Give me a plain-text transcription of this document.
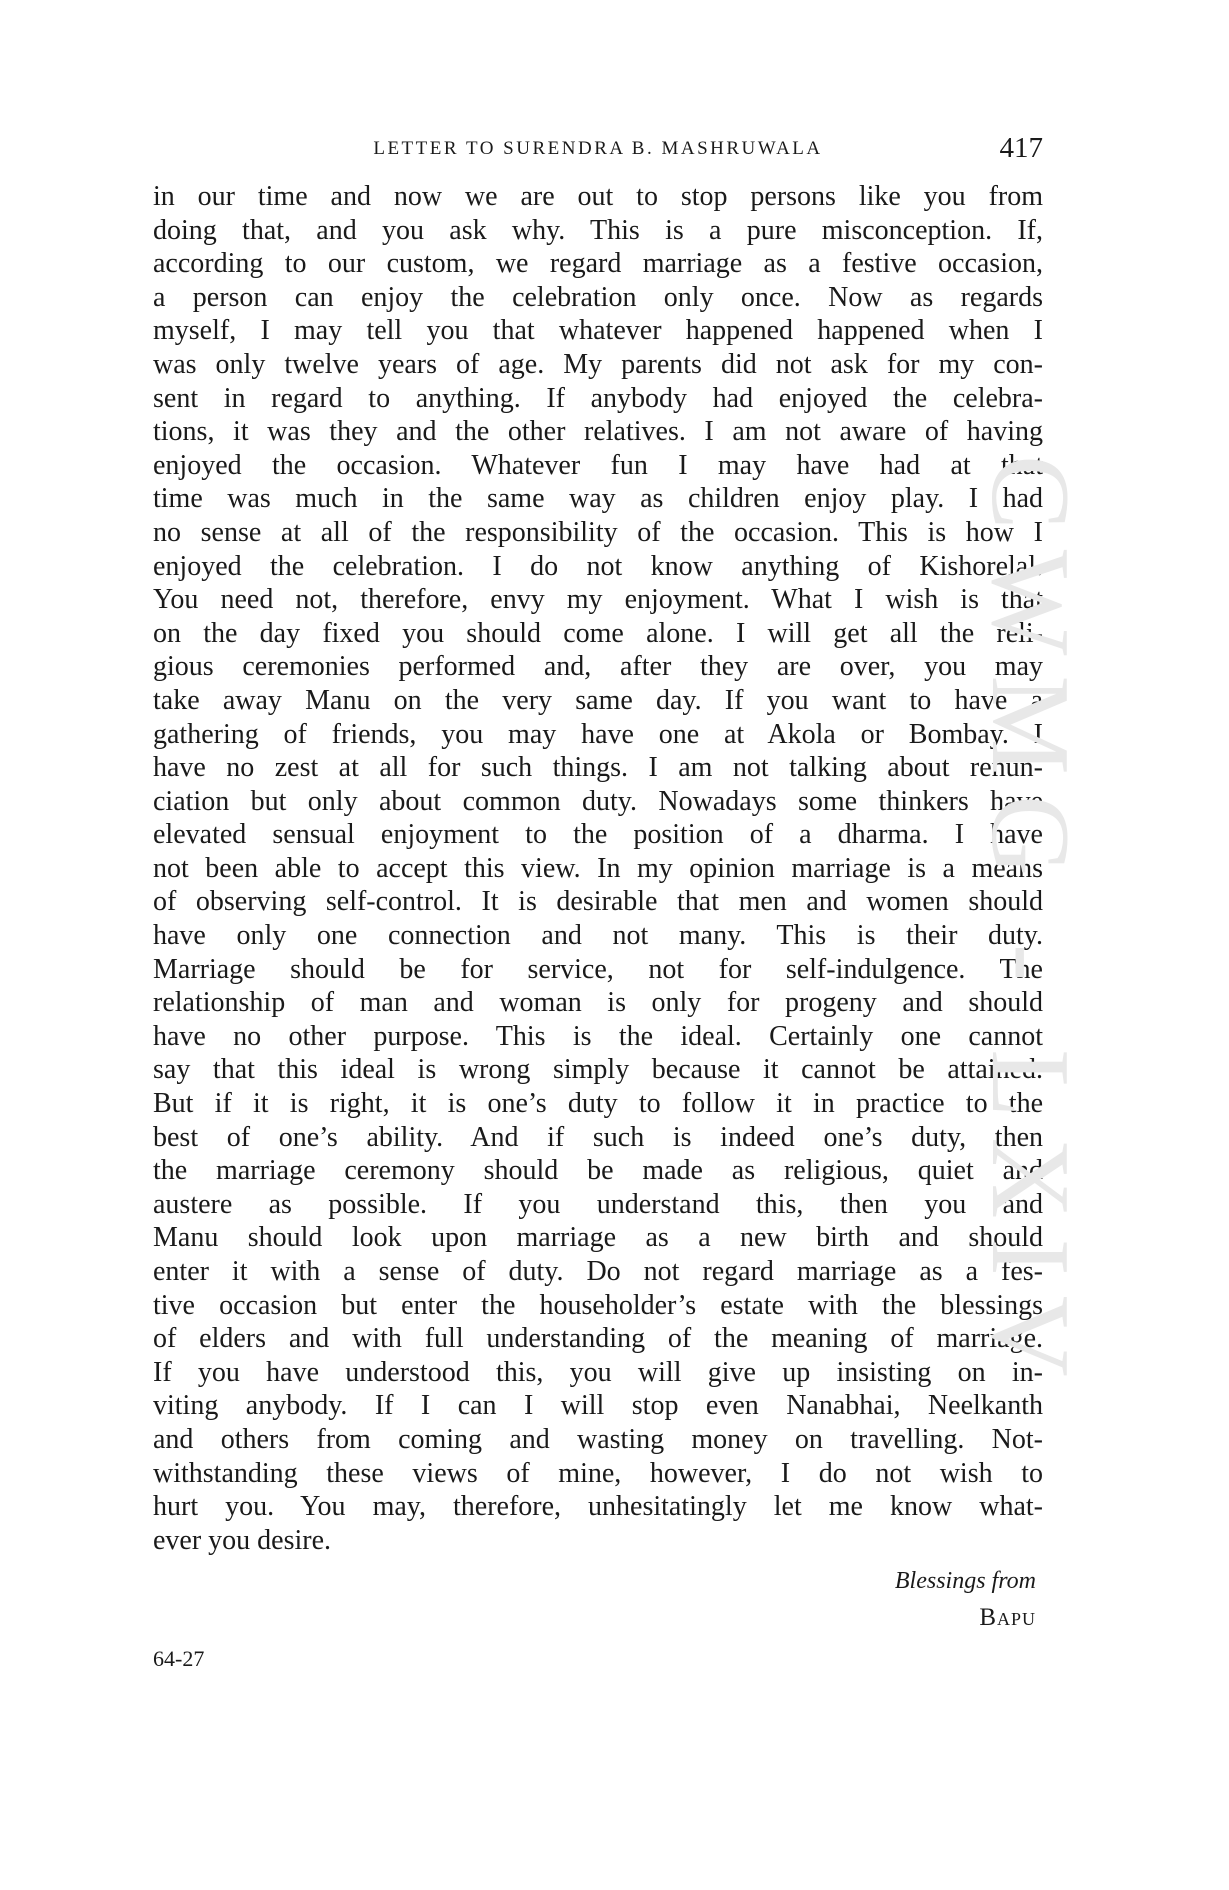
LETTER TO SURENDRA B. MASHRUWALA	417
in our time and now we are out to stop persons like you from
doing that, and you ask why. This is a pure misconception. If,
according to our custom, we regard marriage as a festive occasion,
a person can enjoy the celebration only once. Now as regards
myself, I may tell you that whatever happened happened when I
was only twelve years of age. My parents did not ask for my con-
sent in regard to anything. If anybody had enjoyed the celebra-
tions, it was they and the other relatives. I am not aware of having
enjoyed the occasion. Whatever fun I may have had at that
time was much in the same way as children enjoy play. I had
no sense at all of the responsibility of the occasion. This is how I
enjoyed the celebration. I do not know anything of Kishorelal.
You need not, therefore, envy my enjoyment. What I wish is that
on the day fixed you should come alone. I will get all the reli-
gious ceremonies performed and, after they are over, you may
take away Manu on the very same day. If you want to have a
gathering of friends, you may have one at Akola or Bombay. I
have no zest at all for such things. I am not talking about renun-
ciation but only about common duty. Nowadays some thinkers have
elevated sensual enjoyment to the position of a dharma. I have
not been able to accept this view. In my opinion marriage is a means
of observing self-control. It is desirable that men and women should
have only one connection and not many. This is their duty.
Marriage should be for service, not for self-indulgence. The
relationship of man and woman is only for progeny and should
have no other purpose. This is the ideal. Certainly one cannot
say that this ideal is wrong simply because it cannot be attained.
But if it is right, it is one’s duty to follow it in practice to the
best of one’s ability. And if such is indeed one’s duty, then
the marriage ceremony should be made as religious, quiet and
austere as possible. If you understand this, then you and
Manu should look upon marriage as a new birth and should
enter it with a sense of duty. Do not regard marriage as a fes-
tive occasion but enter the householder’s estate with the blessings
of elders and with full understanding of the meaning of marriage.
If you have understood this, you will give up insisting on in-
viting anybody. If I can I will stop even Nanabhai, Neelkanth
and others from coming and wasting money on travelling. Not-
withstanding these views of mine, however, I do not wish to
hurt you. You may, therefore, unhesitatingly let me know what-
ever you desire.
Blessings from
Bapu
64-27
CWMG - LXIV
